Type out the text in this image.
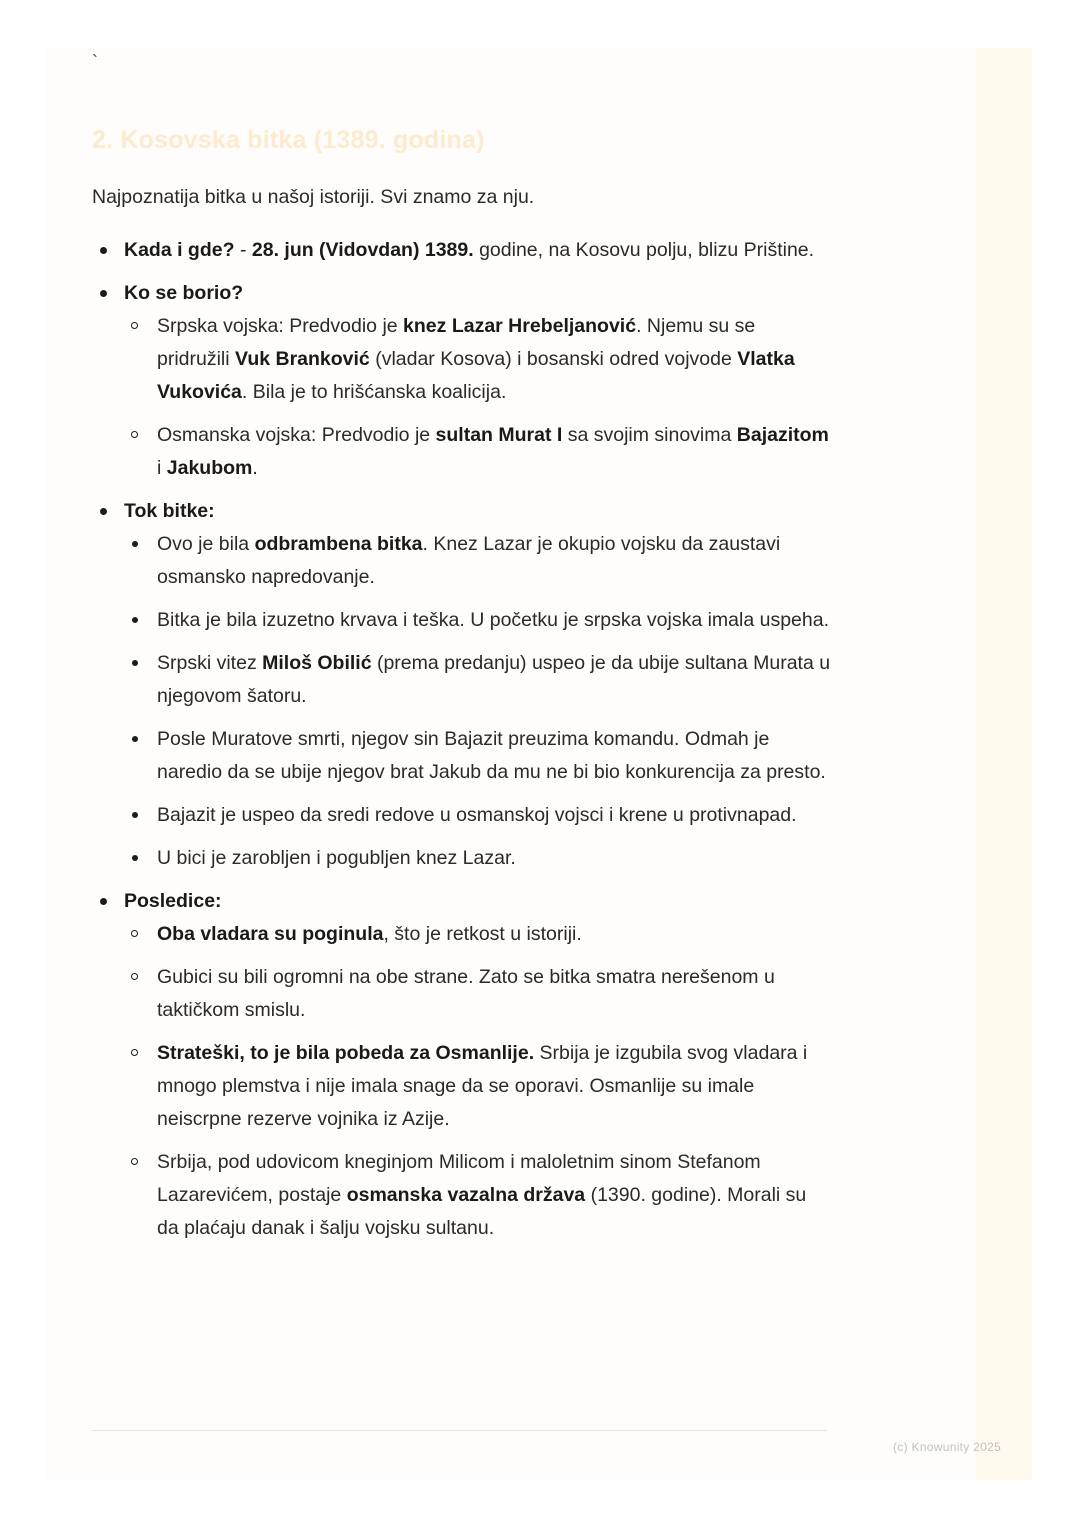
`
2. Kosovska bitka (1389. godina)

Najpoznatija bitka u našoj istoriji. Svi znamo za nju.

Kada i gde? - 28. jun (Vidovdan) 1389. godine, na Kosovu polju, blizu Prištine.
Ko se borio?
Srpska vojska: Predvodio je knez Lazar Hrebeljanović. Njemu su se pridružili Vuk Branković (vladar Kosova) i bosanski odred vojvode Vlatka Vukovića. Bila je to hrišćanska koalicija.
Osmanska vojska: Predvodio je sultan Murat I sa svojim sinovima Bajazitom i Jakubom.
Tok bitke:
Ovo je bila odbrambena bitka. Knez Lazar je okupio vojsku da zaustavi osmansko napredovanje.
Bitka je bila izuzetno krvava i teška. U početku je srpska vojska imala uspeha.
Srpski vitez Miloš Obilić (prema predanju) uspeo je da ubije sultana Murata u njegovom šatoru.
Posle Muratove smrti, njegov sin Bajazit preuzima komandu. Odmah je naredio da se ubije njegov brat Jakub da mu ne bi bio konkurencija za presto.
Bajazit je uspeo da sredi redove u osmanskoj vojsci i krene u protivnapad.
U bici je zarobljen i pogubljen knez Lazar.
Posledice:
Oba vladara su poginula, što je retkost u istoriji.
Gubici su bili ogromni na obe strane. Zato se bitka smatra nerešenom u taktičkom smislu.
Strateški, to je bila pobeda za Osmanlije. Srbija je izgubila svog vladara i mnogo plemstva i nije imala snage da se oporavi. Osmanlije su imale neiscrpne rezerve vojnika iz Azije.
Srbija, pod udovicom kneginjom Milicom i maloletnim sinom Stefanom Lazarevićem, postaje osmanska vazalna država (1390. godine). Morali su da plaćaju danak i šalju vojsku sultanu.
(c) Knowunity 2025
